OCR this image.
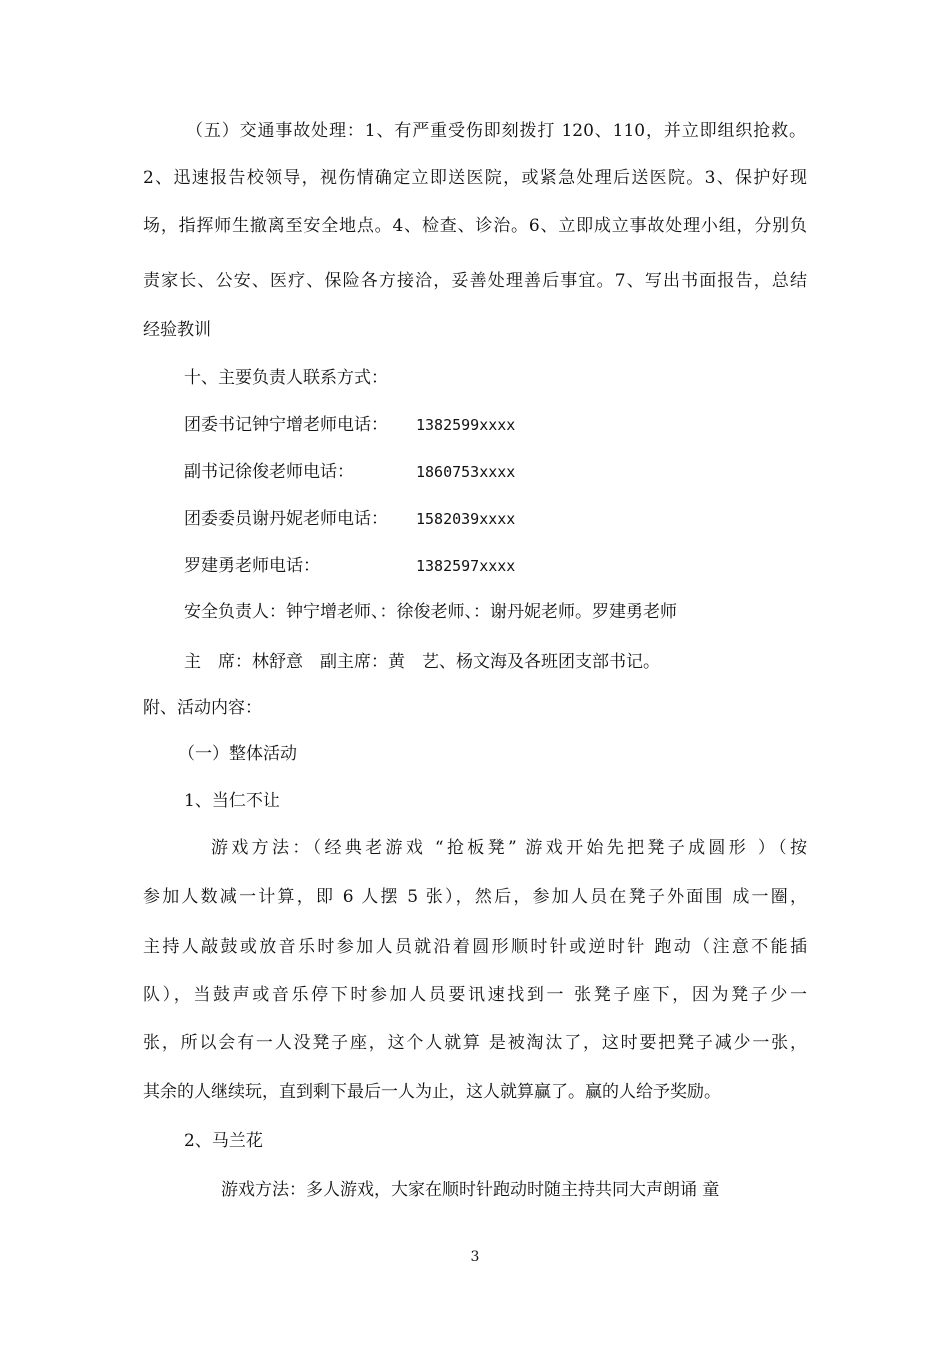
（五）交通事故处理：1、有严重受伤即刻拨打 120、110，并立即组织抢救。
2、迅速报告校领导，视伤情确定立即送医院，或紧急处理后送医院。3、保护好现
场，指挥师生撤离至安全地点。4、检查、诊治。6、立即成立事故处理小组，分别负
责家长、公安、医疗、保险各方接洽，妥善处理善后事宜。7、写出书面报告，总结
经验教训
十、主要负责人联系方式：
团委书记钟宁增老师电话： 1382599xxxx
副书记徐俊老师电话：	1860753xxxx
团委委员谢丹妮老师电话： 1582039xxxx
罗建勇老师电话：	1382597xxxx
安全负责人：钟宁增老师、：徐俊老师、：谢丹妮老师。罗建勇老师
主　席：林舒意　副主席：黄　艺、杨文海及各班团支部书记。
附、活动内容：
（一）整体活动
1、当仁不让
游戏方法：（经典老游戏 “抢板凳” 游戏开始先把凳子成圆形 ）（按
参加人数减一计算，即 6 人摆 5 张），然后，参加人员在凳子外面围 成一圈，
主持人敲鼓或放音乐时参加人员就沿着圆形顺时针或逆时针 跑动（注意不能插
队），当鼓声或音乐停下时参加人员要讯速找到一 张凳子座下，因为凳子少一
张，所以会有一人没凳子座，这个人就算 是被淘汰了，这时要把凳子减少一张，
其余的人继续玩，直到剩下最后一人为止，这人就算赢了。赢的人给予奖励。
2、马兰花
游戏方法：多人游戏，大家在顺时针跑动时随主持共同大声朗诵 童
3
